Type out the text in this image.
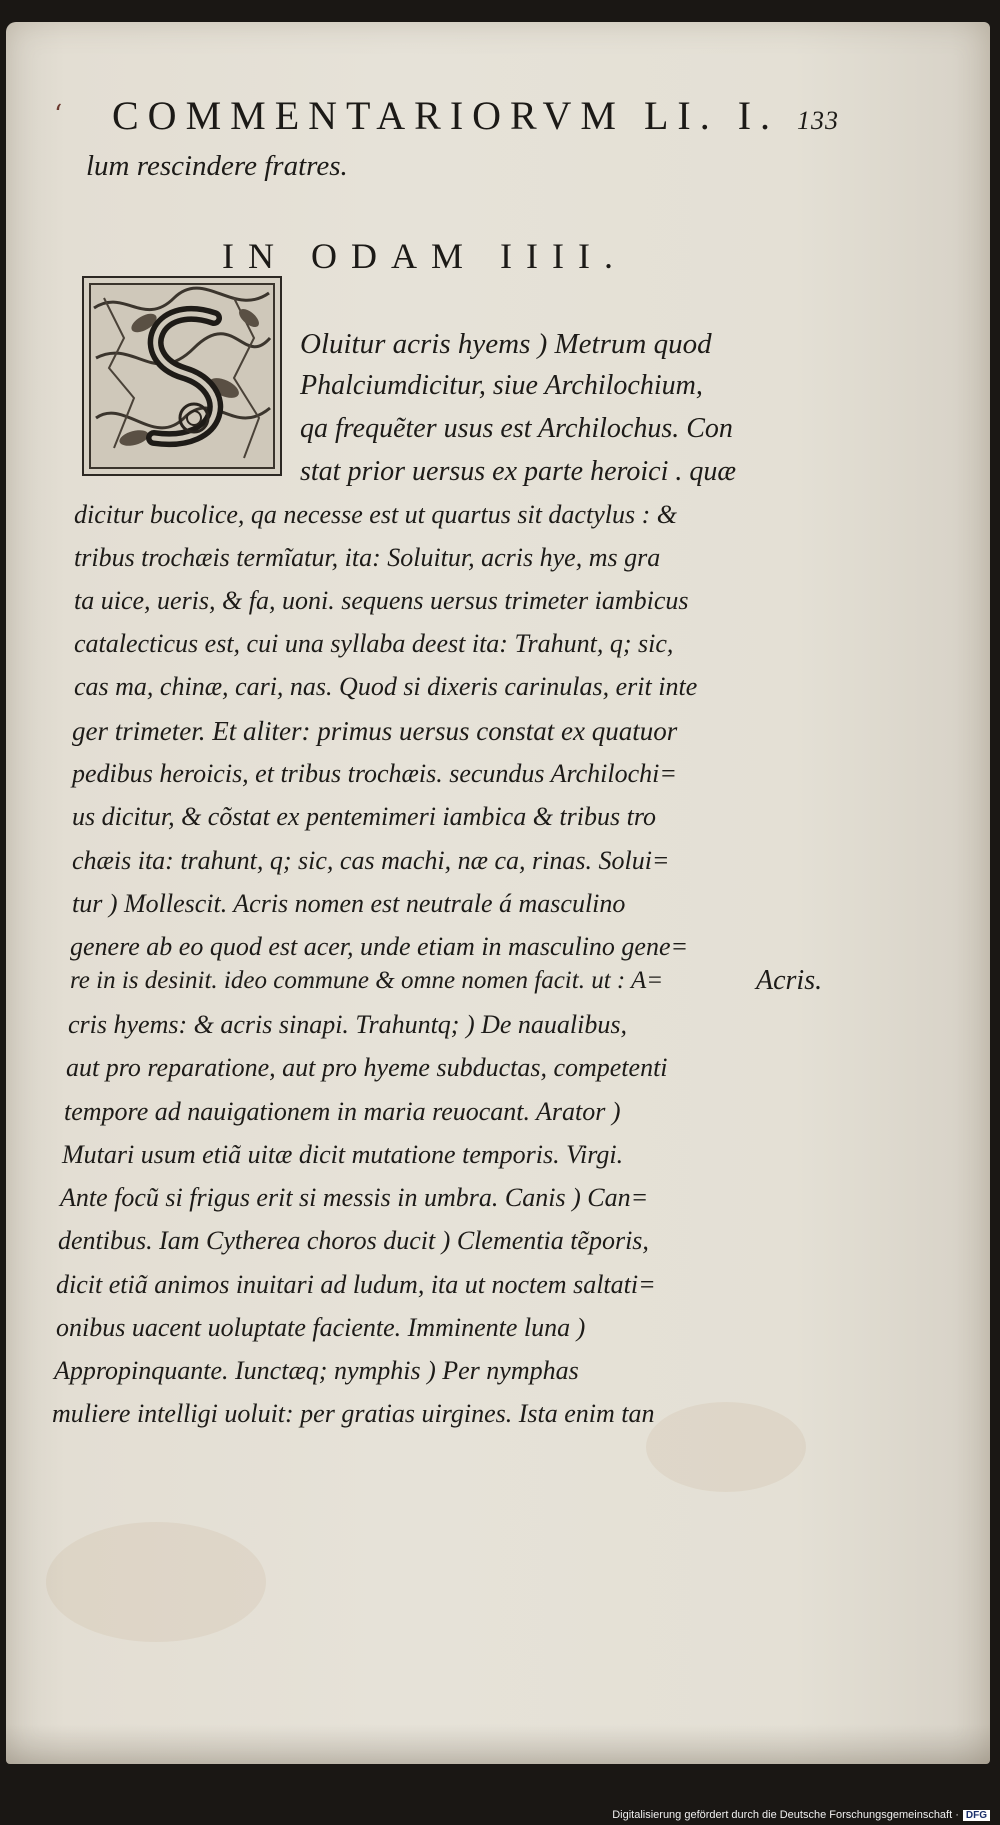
‘ COMMENTARIORVM LI. I. 133
lum rescindere fratres.
IN ODAM IIII.
Oluitur acris hyems ) Metrum quod
Phalciumdicitur, siue Archilochium,
qa frequẽter usus est Archilochus. Con
stat prior uersus ex parte heroici . quæ
dicitur bucolice, qa necesse est ut quartus sit dactylus : &
tribus trochæis termĩatur, ita: Soluitur, acris hye, ms gra
ta uice, ueris, & fa, uoni. sequens uersus trimeter iambicus
catalecticus est, cui una syllaba deest ita: Trahunt, q; sic,
cas ma, chinæ, cari, nas. Quod si dixeris carinulas, erit inte
ger trimeter. Et aliter: primus uersus constat ex quatuor
pedibus heroicis, et tribus trochæis. secundus Archilochi=
us dicitur, & cõstat ex pentemimeri iambica & tribus tro
chæis ita: trahunt, q; sic, cas machi, næ ca, rinas. Solui=
tur ) Mollescit. Acris nomen est neutrale á masculino
genere ab eo quod est acer, unde etiam in masculino gene=
re in is desinit. ideo commune & omne nomen facit. ut : A=
cris hyems: & acris sinapi. Trahuntq; ) De naualibus,
aut pro reparatione, aut pro hyeme subductas, competenti
tempore ad nauigationem in maria reuocant. Arator )
Mutari usum etiã uitæ dicit mutatione temporis. Virgi.
Ante focũ si frigus erit si messis in umbra. Canis ) Can=
dentibus. Iam Cytherea choros ducit ) Clementia tẽporis,
dicit etiã animos inuitari ad ludum, ita ut noctem saltati=
onibus uacent uoluptate faciente. Imminente luna )
Appropinquante. Iunctæq; nymphis ) Per nymphas
muliere intelligi uoluit: per gratias uirgines. Ista enim tan
Acris.
Digitalisierung gefördert durch die Deutsche Forschungsgemeinschaft · DFG
